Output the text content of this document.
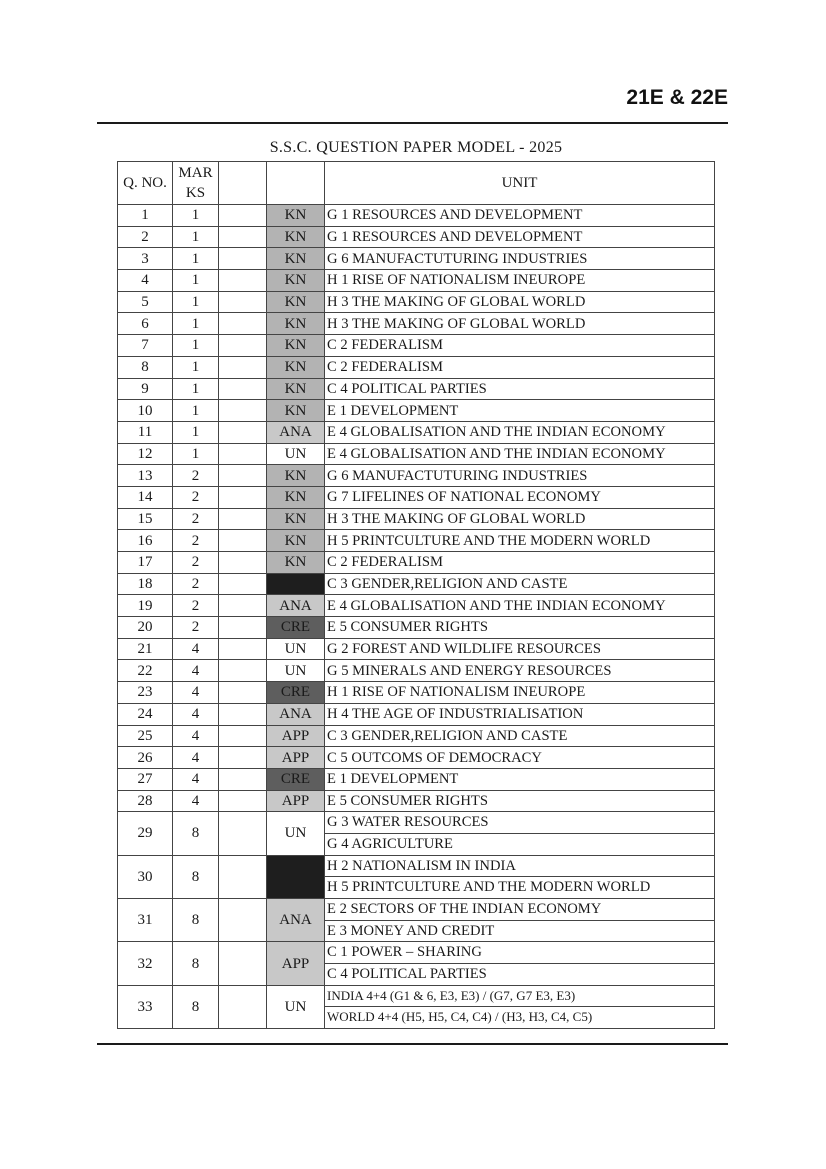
21E & 22E
S.S.C. QUESTION PAPER MODEL - 2025
Q. NO.	MAR
KS			UNIT
1	1		KN	G 1 RESOURCES AND DEVELOPMENT
2	1		KN	G 1 RESOURCES AND DEVELOPMENT
3	1		KN	G 6 MANUFACTUTURING INDUSTRIES
4	1		KN	H 1 RISE OF NATIONALISM INEUROPE
5	1		KN	H 3 THE MAKING OF GLOBAL WORLD
6	1		KN	H 3 THE MAKING OF GLOBAL WORLD
7	1		KN	C 2 FEDERALISM
8	1		KN	C 2 FEDERALISM
9	1		KN	C 4 POLITICAL PARTIES
10	1		KN	E 1 DEVELOPMENT
11	1		ANA	E 4 GLOBALISATION AND THE INDIAN ECONOMY
12	1		UN	E 4 GLOBALISATION AND THE INDIAN ECONOMY
13	2		KN	G 6 MANUFACTUTURING INDUSTRIES
14	2		KN	G 7 LIFELINES OF NATIONAL ECONOMY
15	2		KN	H 3 THE MAKING OF GLOBAL WORLD
16	2		KN	H 5 PRINTCULTURE AND THE MODERN WORLD
17	2		KN	C 2 FEDERALISM
18	2			C 3 GENDER,RELIGION AND CASTE
19	2		ANA	E 4 GLOBALISATION AND THE INDIAN ECONOMY
20	2		CRE	E 5 CONSUMER RIGHTS
21	4		UN	G 2 FOREST AND WILDLIFE RESOURCES
22	4		UN	G 5 MINERALS AND ENERGY RESOURCES
23	4		CRE	H 1 RISE OF NATIONALISM INEUROPE
24	4		ANA	H 4 THE AGE OF INDUSTRIALISATION
25	4		APP	C 3 GENDER,RELIGION AND CASTE
26	4		APP	C 5 OUTCOMS OF DEMOCRACY
27	4		CRE	E 1 DEVELOPMENT
28	4		APP	E 5 CONSUMER RIGHTS
29	8		UN	G 3 WATER RESOURCES
G 4 AGRICULTURE

30	8			H 2 NATIONALISM IN INDIA
H 5 PRINTCULTURE AND THE MODERN WORLD

31	8		ANA	E 2 SECTORS OF THE INDIAN ECONOMY
E 3 MONEY AND CREDIT

32	8		APP	C 1 POWER – SHARING
C 4 POLITICAL PARTIES

33	8		UN	INDIA 4+4 (G1 & 6, E3, E3) / (G7, G7 E3, E3)
WORLD 4+4 (H5, H5, C4, C4) / (H3, H3, C4, C5)
